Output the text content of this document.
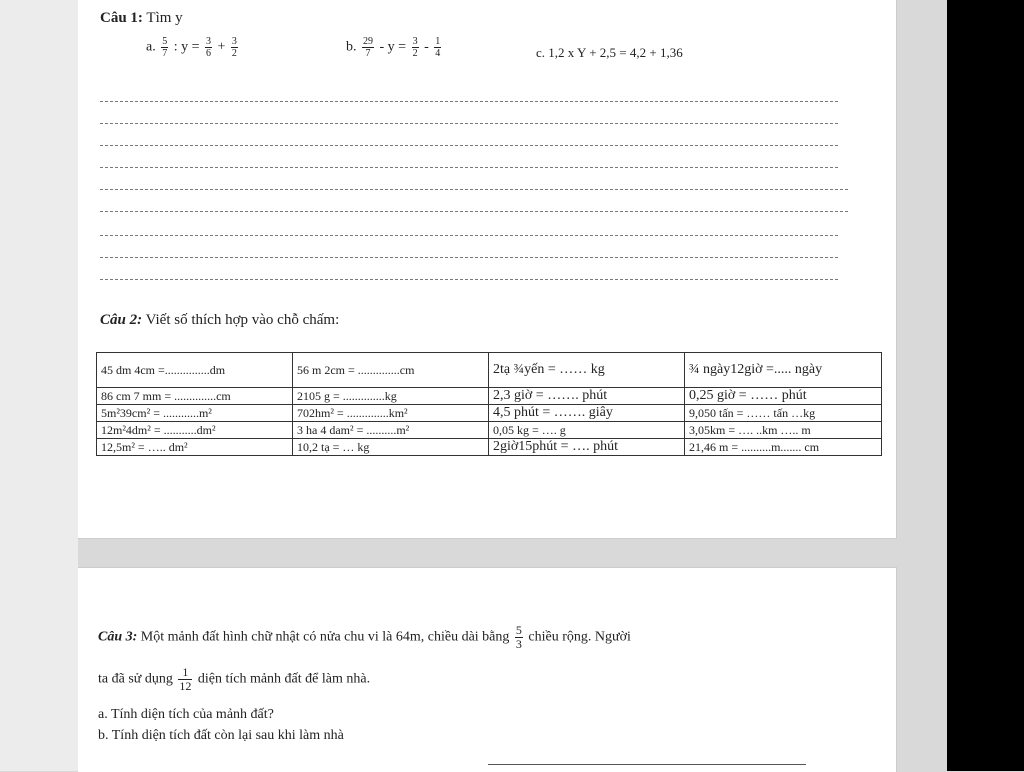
Câu 1: Tìm y
a. $\frac{5}{7}$ : $y = \frac{3}{6} + \frac{3}{2}$	b. $\frac{29}{7} - y = \frac{3}{2} - \frac{1}{4}$	c. 1,2 x Y + 2,5 = 4,2 + 1,36
Câu 2: Viết số thích hợp vào chỗ chấm:
45 dm 4cm =...............dm	56 m 2cm = ..............cm	2tạ ¾yến = …… kg	¾ ngày12giờ =..... ngày
86 cm 7 mm = ..............cm	2105 g = ..............kg	2,3 giờ = ……. phút	0,25 giờ = …… phút
5m²39cm² = ............m²	702hm² = ..............km²	4,5 phút = ……. giây	9,050 tấn = …… tấn …kg
12m²4dm² = ...........dm²	3 ha 4 dam² = ..........m²	0,05 kg = …. g	3,05km = …. ..km ….. m
12,5m² = ….. dm²	10,2 tạ = … kg	2giờ15phút = …. phút	21,46 m = ..........m....... cm
Câu 3: Một mảnh đất hình chữ nhật có nửa chu vi là 64m, chiều dài bằng $\frac{5}{3}$ chiều rộng. Người
ta đã sử dụng $\frac{1}{12}$ diện tích mảnh đất để làm nhà.
a. Tính diện tích của mảnh đất?
b. Tính diện tích đất còn lại sau khi làm nhà
